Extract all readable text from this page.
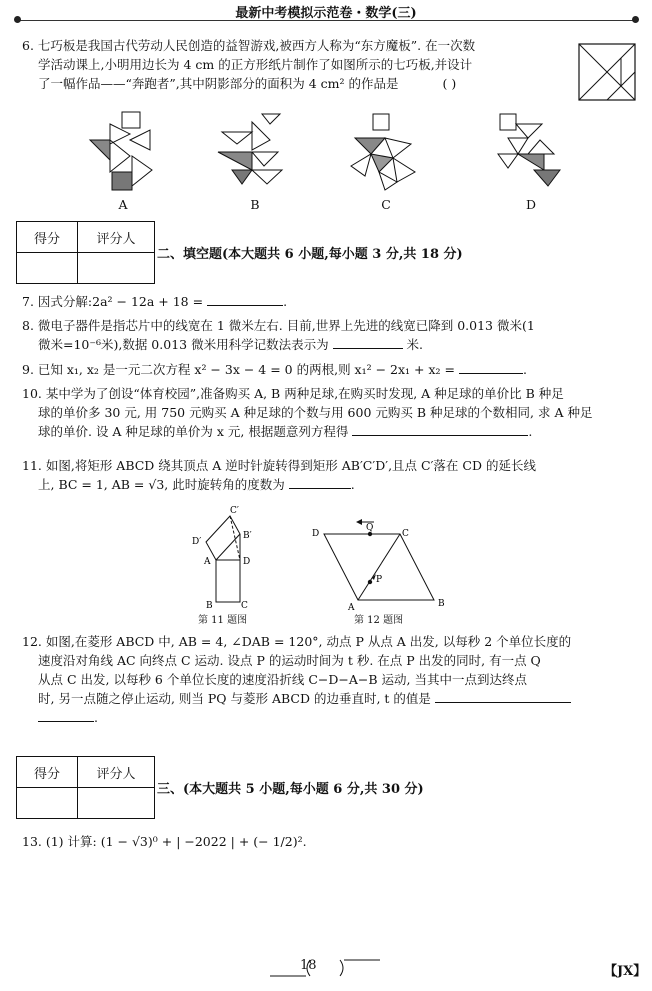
最新中考模拟示范卷・数学(三)
6. 七巧板是我国古代劳动人民创造的益智游戏,被西方人称为“东方魔板”. 在一次数
学活动课上,小明用边长为 4 cm 的正方形纸片制作了如图所示的七巧板,并设计
了一幅作品——“奔跑者”,其中阴影部分的面积为 4 cm² 的作品是	( )
A	B	C	D
得分	评分人

二、填空题(本大题共 6 小题,每小题 3 分,共 18 分)
7. 因式分解:2a² − 12a + 18 =	.
8. 微电子器件是指芯片中的线宽在 1 微米左右. 目前,世界上先进的线宽已降到 0.013 微米(1
微米=10⁻⁶米),数据 0.013 微米用科学记数法表示为	米.
9. 已知 x₁, x₂ 是一元二次方程 x² − 3x − 4 = 0 的两根,则 x₁² − 2x₁ + x₂ =	.
10. 某中学为了创设“体育校园”,准备购买 A, B 两种足球,在购买时发现, A 种足球的单价比 B 种足
球的单价多 30 元, 用 750 元购买 A 种足球的个数与用 600 元购买 B 种足球的个数相同, 求 A 种足
球的单价. 设 A 种足球的单价为 x 元, 根据题意列方程得	.
11. 如图,将矩形 ABCD 绕其顶点 A 逆时针旋转得到矩形 AB′C′D′,且点 C′落在 CD 的延长线
上, BC = 1, AB = √3, 此时旋转角的度数为	.
C′
D′
B′
A	D
B	C
第 11 题图
D
Q
C
P
A	B
第 12 题图
12. 如图,在菱形 ABCD 中, AB = 4, ∠DAB = 120°, 动点 P 从点 A 出发, 以每秒 2 个单位长度的
速度沿对角线 AC 向终点 C 运动. 设点 P 的运动时间为 t 秒. 在点 P 出发的同时, 有一点 Q
从点 C 出发, 以每秒 6 个单位长度的速度沿折线 C−D−A−B 运动, 当其中一点到达终点
时, 另一点随之停止运动, 则当 PQ 与菱形 ABCD 的边垂直时, t 的值是
.
得分	评分人

三、(本大题共 5 小题,每小题 6 分,共 30 分)
13. (1) 计算: (1 − √3)⁰ + | −2022 | + (− 1/2)².
18	【JX】
